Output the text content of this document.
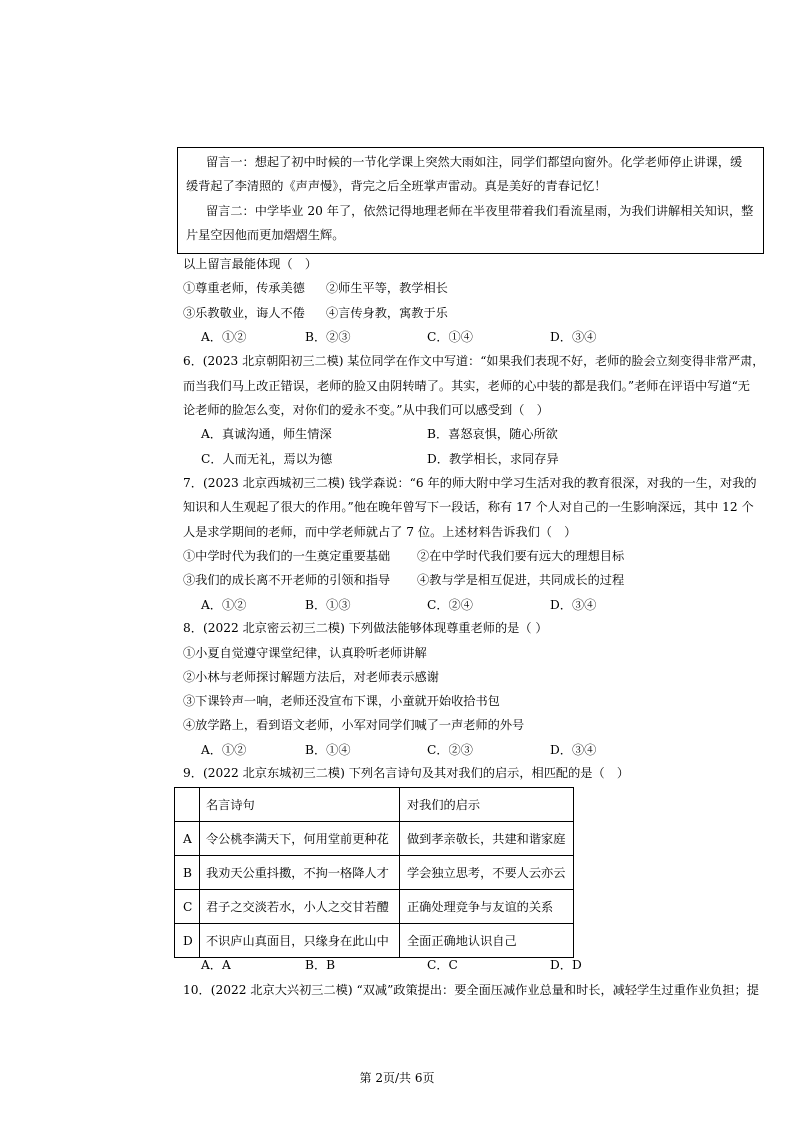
留言一：想起了初中时候的一节化学课上突然大雨如注，同学们都望向窗外。化学老师停止讲课，缓
缓背起了李清照的《声声慢》，背完之后全班掌声雷动。真是美好的青春记忆！
留言二：中学毕业 20 年了，依然记得地理老师在半夜里带着我们看流星雨，为我们讲解相关知识，整
片星空因他而更加熠熠生辉。
以上留言最能体现（　）
①尊重老师，传承美德 ②师生平等，教学相长
③乐教敬业，诲人不倦 ④言传身教，寓教于乐
A．①②	B．②③	C．①④	D．③④
6．(2023 北京朝阳初三二模) 某位同学在作文中写道：“如果我们表现不好，老师的脸会立刻变得非常严肃，
而当我们马上改正错误，老师的脸又由阴转晴了。其实，老师的心中装的都是我们。”老师在评语中写道“无
论老师的脸怎么变，对你们的爱永不变。”从中我们可以感受到（　）
A．真诚沟通，师生情深	B．喜怒哀惧，随心所欲
C．人而无礼，焉以为德	D．教学相长，求同存异
7．(2023 北京西城初三二模) 钱学森说：“6 年的师大附中学习生活对我的教育很深，对我的一生，对我的
知识和人生观起了很大的作用。”他在晚年曾写下一段话，称有 17 个人对自己的一生影响深远，其中 12 个
人是求学期间的老师，而中学老师就占了 7 位。上述材料告诉我们（　）
①中学时代为我们的一生奠定重要基础 ②在中学时代我们要有远大的理想目标
③我们的成长离不开老师的引领和指导 ④教与学是相互促进，共同成长的过程
A．①②	B．①③	C．②④	D．③④
8．(2022 北京密云初三二模) 下列做法能够体现尊重老师的是（ ）
①小夏自觉遵守课堂纪律，认真聆听老师讲解
②小林与老师探讨解题方法后，对老师表示感谢
③下课铃声一响，老师还没宣布下课，小童就开始收拾书包
④放学路上，看到语文老师，小军对同学们喊了一声老师的外号
A．①②	B．①④	C．②③	D．③④
9．(2022 北京东城初三二模) 下列名言诗句及其对我们的启示，相匹配的是（　）
	名言诗句	对我们的启示
A	令公桃李满天下，何用堂前更种花	做到孝亲敬长，共建和谐家庭
B	我劝天公重抖擞，不拘一格降人才	学会独立思考，不要人云亦云
C	君子之交淡若水，小人之交甘若醴	正确处理竞争与友谊的关系
D	不识庐山真面目，只缘身在此山中	全面正确地认识自己
A．A	B．B	C．C	D．D
10．(2022 北京大兴初三二模) “双减”政策提出：要全面压减作业总量和时长，减轻学生过重作业负担；提
第 2页/共 6页
